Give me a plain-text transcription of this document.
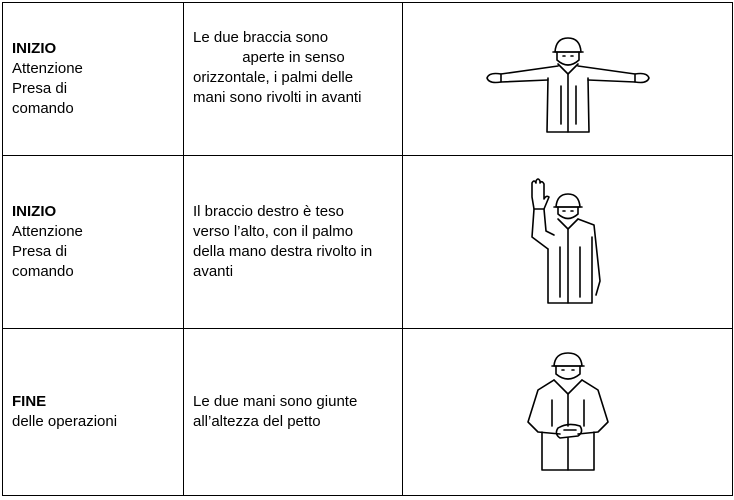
INIZIO
Attenzione
Presa di
comando	Le due braccia sono
aperte in senso
orizzontale, i palmi delle
mani sono rivolti in avanti

INIZIO
Attenzione
Presa di
comando	Il braccio destro è teso
verso l’alto, con il palmo
della mano destra rivolto in
avanti

FINE
delle operazioni	Le due mani sono giunte
all’altezza del petto
